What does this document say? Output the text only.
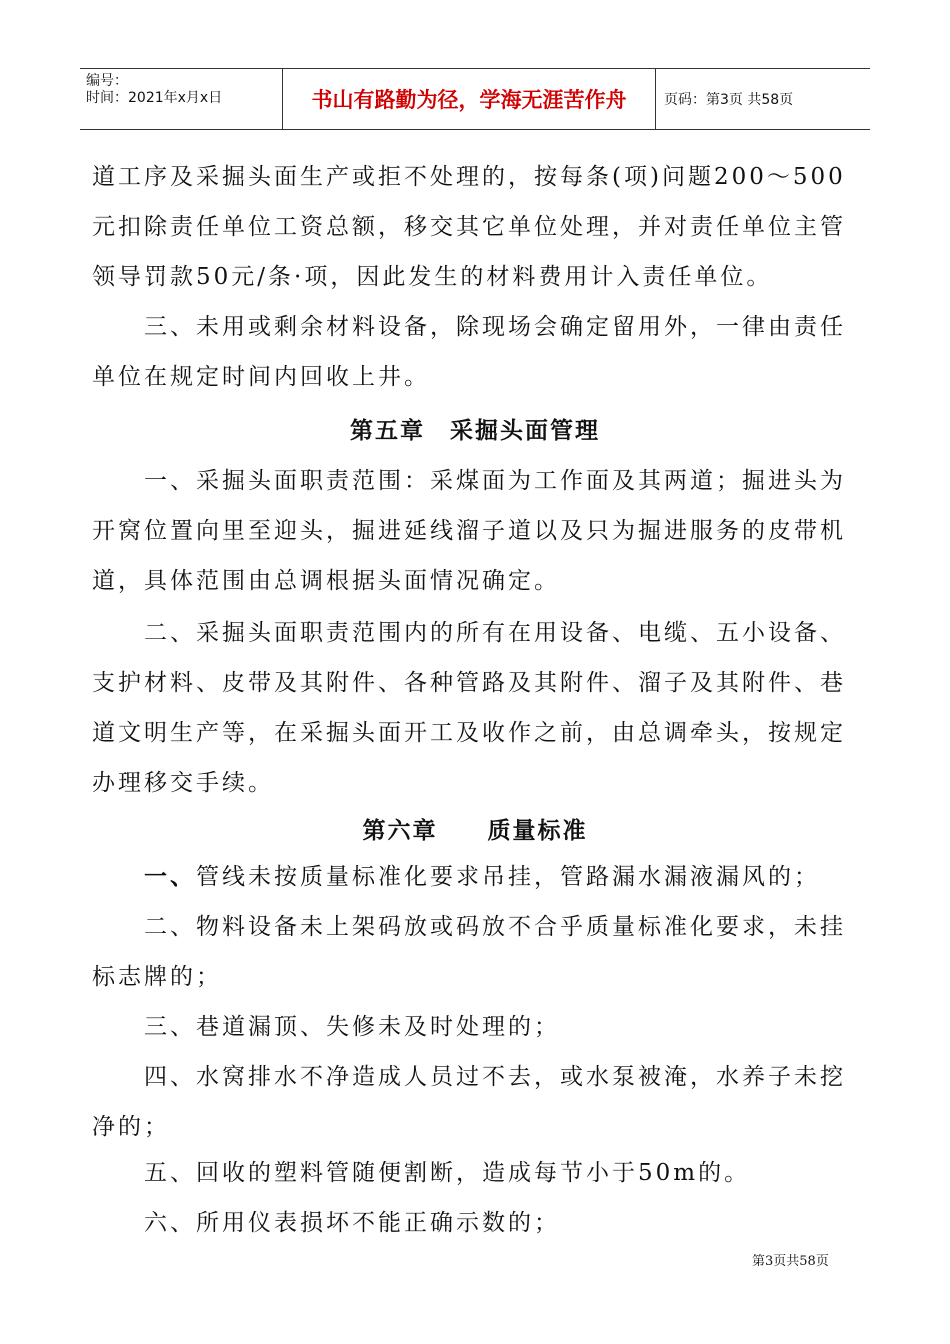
编号：
时间：2021年x月x日	书山有路勤为径，学海无涯苦作舟	页码：第3页 共58页
道工序及采掘头面生产或拒不处理的，按每条(项)问题200～500元扣除责任单位工资总额，移交其它单位处理，并对责任单位主管领导罚款50元/条·项，因此发生的材料费用计入责任单位。
三、未用或剩余材料设备，除现场会确定留用外，一律由责任单位在规定时间内回收上井。
第五章　采掘头面管理
一、采掘头面职责范围：采煤面为工作面及其两道；掘进头为开窝位置向里至迎头，掘进延线溜子道以及只为掘进服务的皮带机道，具体范围由总调根据头面情况确定。
二、采掘头面职责范围内的所有在用设备、电缆、五小设备、支护材料、皮带及其附件、各种管路及其附件、溜子及其附件、巷道文明生产等，在采掘头面开工及收作之前，由总调牵头，按规定办理移交手续。
第六章　　质量标准
一、管线未按质量标准化要求吊挂，管路漏水漏液漏风的；
二、物料设备未上架码放或码放不合乎质量标准化要求，未挂标志牌的；
三、巷道漏顶、失修未及时处理的；
四、水窝排水不净造成人员过不去，或水泵被淹，水养子未挖净的；
五、回收的塑料管随便割断，造成每节小于50m的。
六、所用仪表损坏不能正确示数的；
第3页共58页
